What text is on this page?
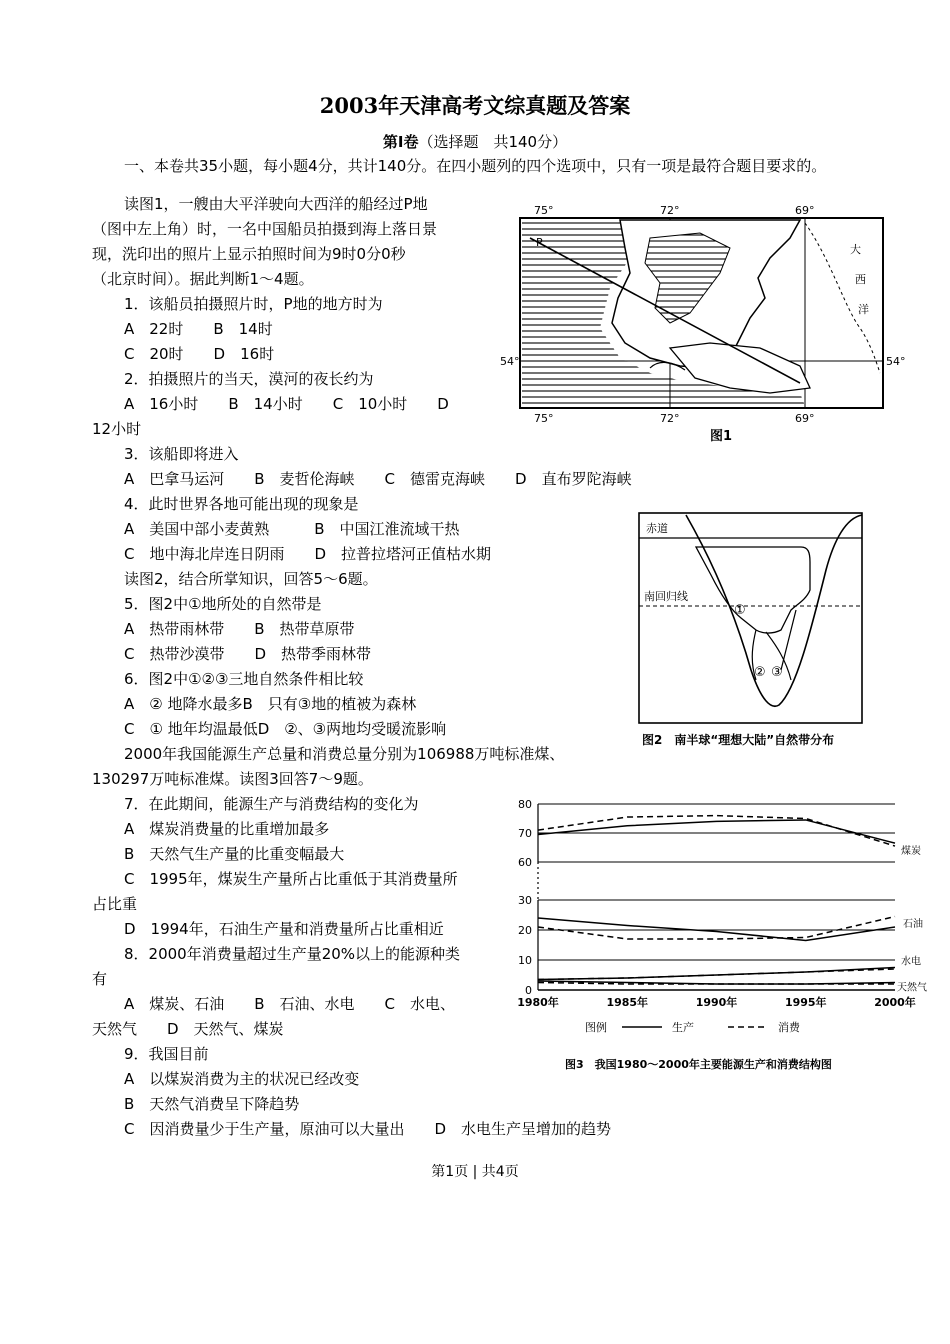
2003年天津高考文综真题及答案
第Ⅰ卷（选择题　共140分）
一、本卷共35小题，每小题4分，共计140分。在四小题列的四个选项中，只有一项是最符合题目要求的。
读图1，一艘由大平洋驶向大西洋的船经过P地
（图中左上角）时，一名中国船员拍摄到海上落日景
现，洗印出的照片上显示拍照时间为9时0分0秒
（北京时间）。据此判断1～4题。
1．该船员拍摄照片时，P地的地方时为
A　22时　　B　14时
C　20时　　D　16时
2．拍摄照片的当天，漠河的夜长约为
A　16小时　　B　14小时　　C　10小时　　D
12小时
3．该船即将进入
A　巴拿马运河　　B　麦哲伦海峡　　C　德雷克海峡　　D　直布罗陀海峡
4．此时世界各地可能出现的现象是
A　美国中部小麦黄熟　　　B　中国江淮流域干热
C　地中海北岸连日阴雨　　D　拉普拉塔河正值枯水期
读图2，结合所掌知识，回答5～6题。
5．图2中①地所处的自然带是
A　热带雨林带　　B　热带草原带
C　热带沙漠带　　D　热带季雨林带
6．图2中①②③三地自然条件相比较
A　② 地降水最多B　只有③地的植被为森林
C　① 地年均温最低D　②、③两地均受暖流影响
2000年我国能源生产总量和消费总量分别为106988万吨标准煤、
130297万吨标准煤。读图3回答7～9题。
7．在此期间，能源生产与消费结构的变化为
A　煤炭消费量的比重增加最多
B　天然气生产量的比重变幅最大
C　1995年，煤炭生产量所占比重低于其消费量所
占比重
D　1994年，石油生产量和消费量所占比重相近
8．2000年消费量超过生产量20%以上的能源种类
有
A　煤炭、石油　　B　石油、水电　　C　水电、
天然气　　D　天然气、煤炭
9．我国目前
A　以煤炭消费为主的状况已经改变
B　天然气消费呈下降趋势
C　因消费量少于生产量，原油可以大量出　　D　水电生产呈增加的趋势
75°	72°	69°
75°	72°	69°
54°	54°
P
大
西
洋
图1
赤道
南回归线
①
② ③
图2　南半球“理想大陆”自然带分布
0
10
20
30
60
70
80
1980年	1985年	1990年	1995年	2000年
煤炭
石油
水电
天然气
图例	生产	消费
图3　我国1980～2000年主要能源生产和消费结构图
第1页 | 共4页
